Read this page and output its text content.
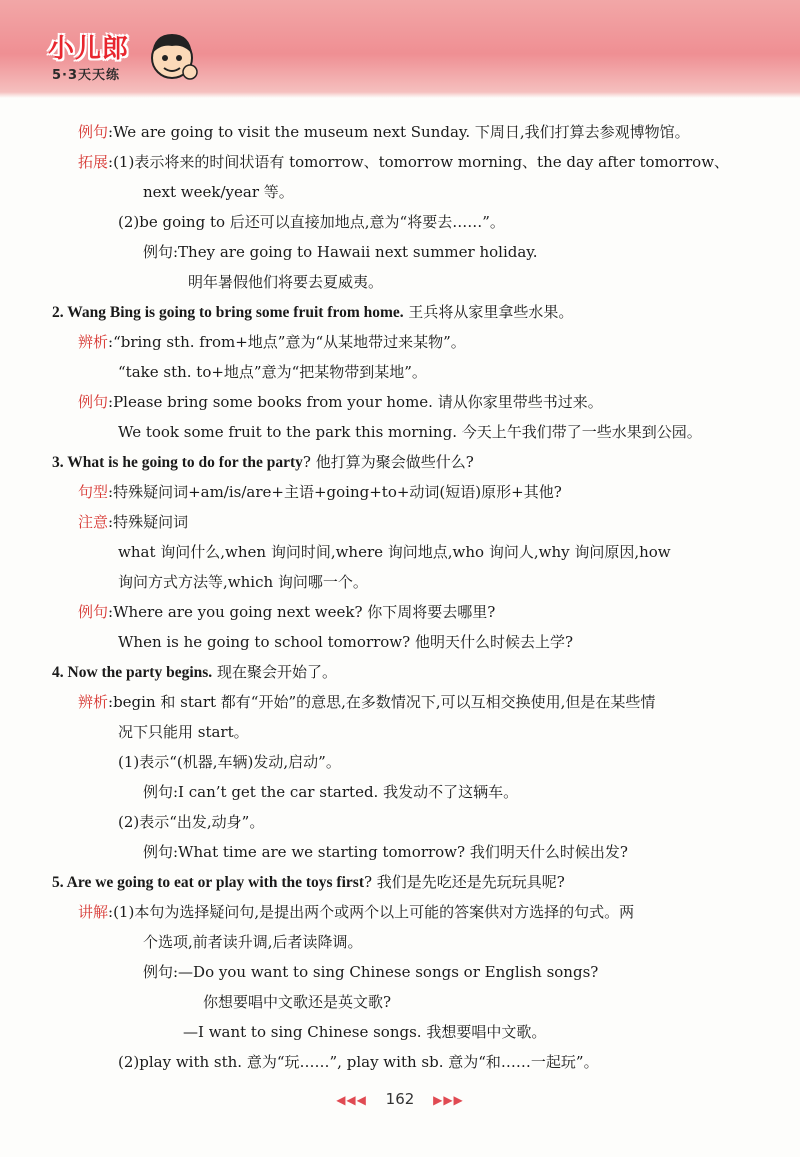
小儿郎
5·3天天练
例句:We are going to visit the museum next Sunday. 下周日,我们打算去参观博物馆。
拓展:(1)表示将来的时间状语有 tomorrow、tomorrow morning、the day after tomorrow、
next week/year 等。
(2)be going to 后还可以直接加地点,意为“将要去……”。
例句:They are going to Hawaii next summer holiday.
明年暑假他们将要去夏威夷。
2. Wang Bing is going to bring some fruit from home. 王兵将从家里拿些水果。
辨析:“bring sth. from+地点”意为“从某地带过来某物”。
“take sth. to+地点”意为“把某物带到某地”。
例句:Please bring some books from your home. 请从你家里带些书过来。
We took some fruit to the park this morning. 今天上午我们带了一些水果到公园。
3. What is he going to do for the party? 他打算为聚会做些什么?
句型:特殊疑问词+am/is/are+主语+going+to+动词(短语)原形+其他?
注意:特殊疑问词
what 询问什么,when 询问时间,where 询问地点,who 询问人,why 询问原因,how
询问方式方法等,which 询问哪一个。
例句:Where are you going next week? 你下周将要去哪里?
When is he going to school tomorrow? 他明天什么时候去上学?
4. Now the party begins. 现在聚会开始了。
辨析:begin 和 start 都有“开始”的意思,在多数情况下,可以互相交换使用,但是在某些情
况下只能用 start。
(1)表示“(机器,车辆)发动,启动”。
例句:I can’t get the car started. 我发动不了这辆车。
(2)表示“出发,动身”。
例句:What time are we starting tomorrow? 我们明天什么时候出发?
5. Are we going to eat or play with the toys first? 我们是先吃还是先玩玩具呢?
讲解:(1)本句为选择疑问句,是提出两个或两个以上可能的答案供对方选择的句式。两
个选项,前者读升调,后者读降调。
例句:—Do you want to sing Chinese songs or English songs?
你想要唱中文歌还是英文歌?
—I want to sing Chinese songs. 我想要唱中文歌。
(2)play with sth. 意为“玩……”, play with sb. 意为“和……一起玩”。
◀◀◀ 162 ▶▶▶
